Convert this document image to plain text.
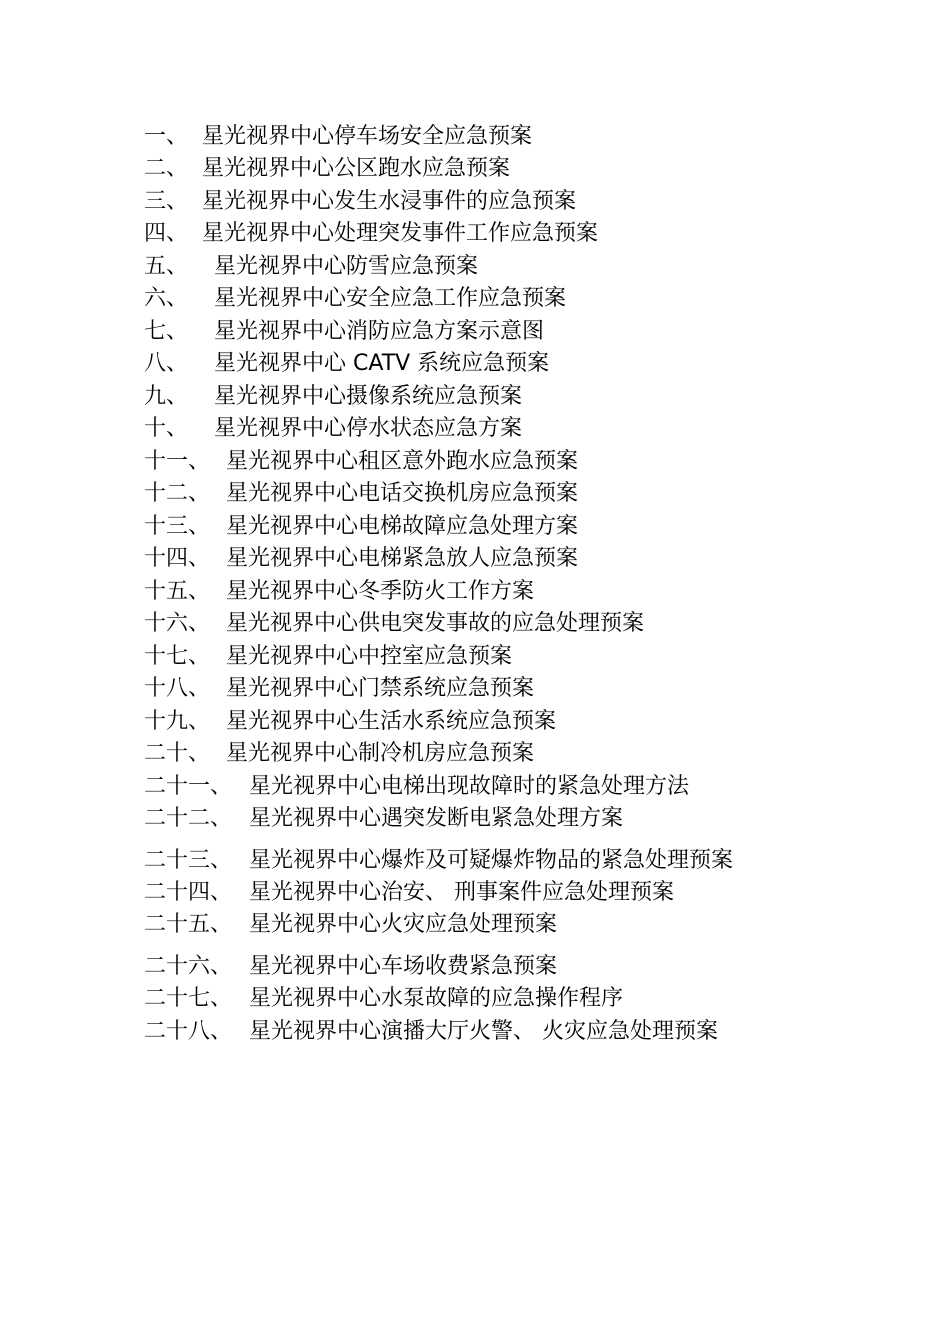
一、 星光视界中心停车场安全应急预案
二、 星光视界中心公区跑水应急预案
三、 星光视界中心发生水浸事件的应急预案
四、 星光视界中心处理突发事件工作应急预案
五、 星光视界中心防雪应急预案
六、 星光视界中心安全应急工作应急预案
七、 星光视界中心消防应急方案示意图
八、 星光视界中心 CATV 系统应急预案
九、 星光视界中心摄像系统应急预案
十、 星光视界中心停水状态应急方案
十一、 星光视界中心租区意外跑水应急预案
十二、 星光视界中心电话交换机房应急预案
十三、 星光视界中心电梯故障应急处理方案
十四、 星光视界中心电梯紧急放人应急预案
十五、 星光视界中心冬季防火工作方案
十六、 星光视界中心供电突发事故的应急处理预案
十七、 星光视界中心中控室应急预案
十八、 星光视界中心门禁系统应急预案
十九、 星光视界中心生活水系统应急预案
二十、 星光视界中心制冷机房应急预案
二十一、 星光视界中心电梯出现故障时的紧急处理方法
二十二、 星光视界中心遇突发断电紧急处理方案
二十三、 星光视界中心爆炸及可疑爆炸物品的紧急处理预案
二十四、 星光视界中心治安、 刑事案件应急处理预案
二十五、 星光视界中心火灾应急处理预案
二十六、 星光视界中心车场收费紧急预案
二十七、 星光视界中心水泵故障的应急操作程序
二十八、 星光视界中心演播大厅火警、 火灾应急处理预案
